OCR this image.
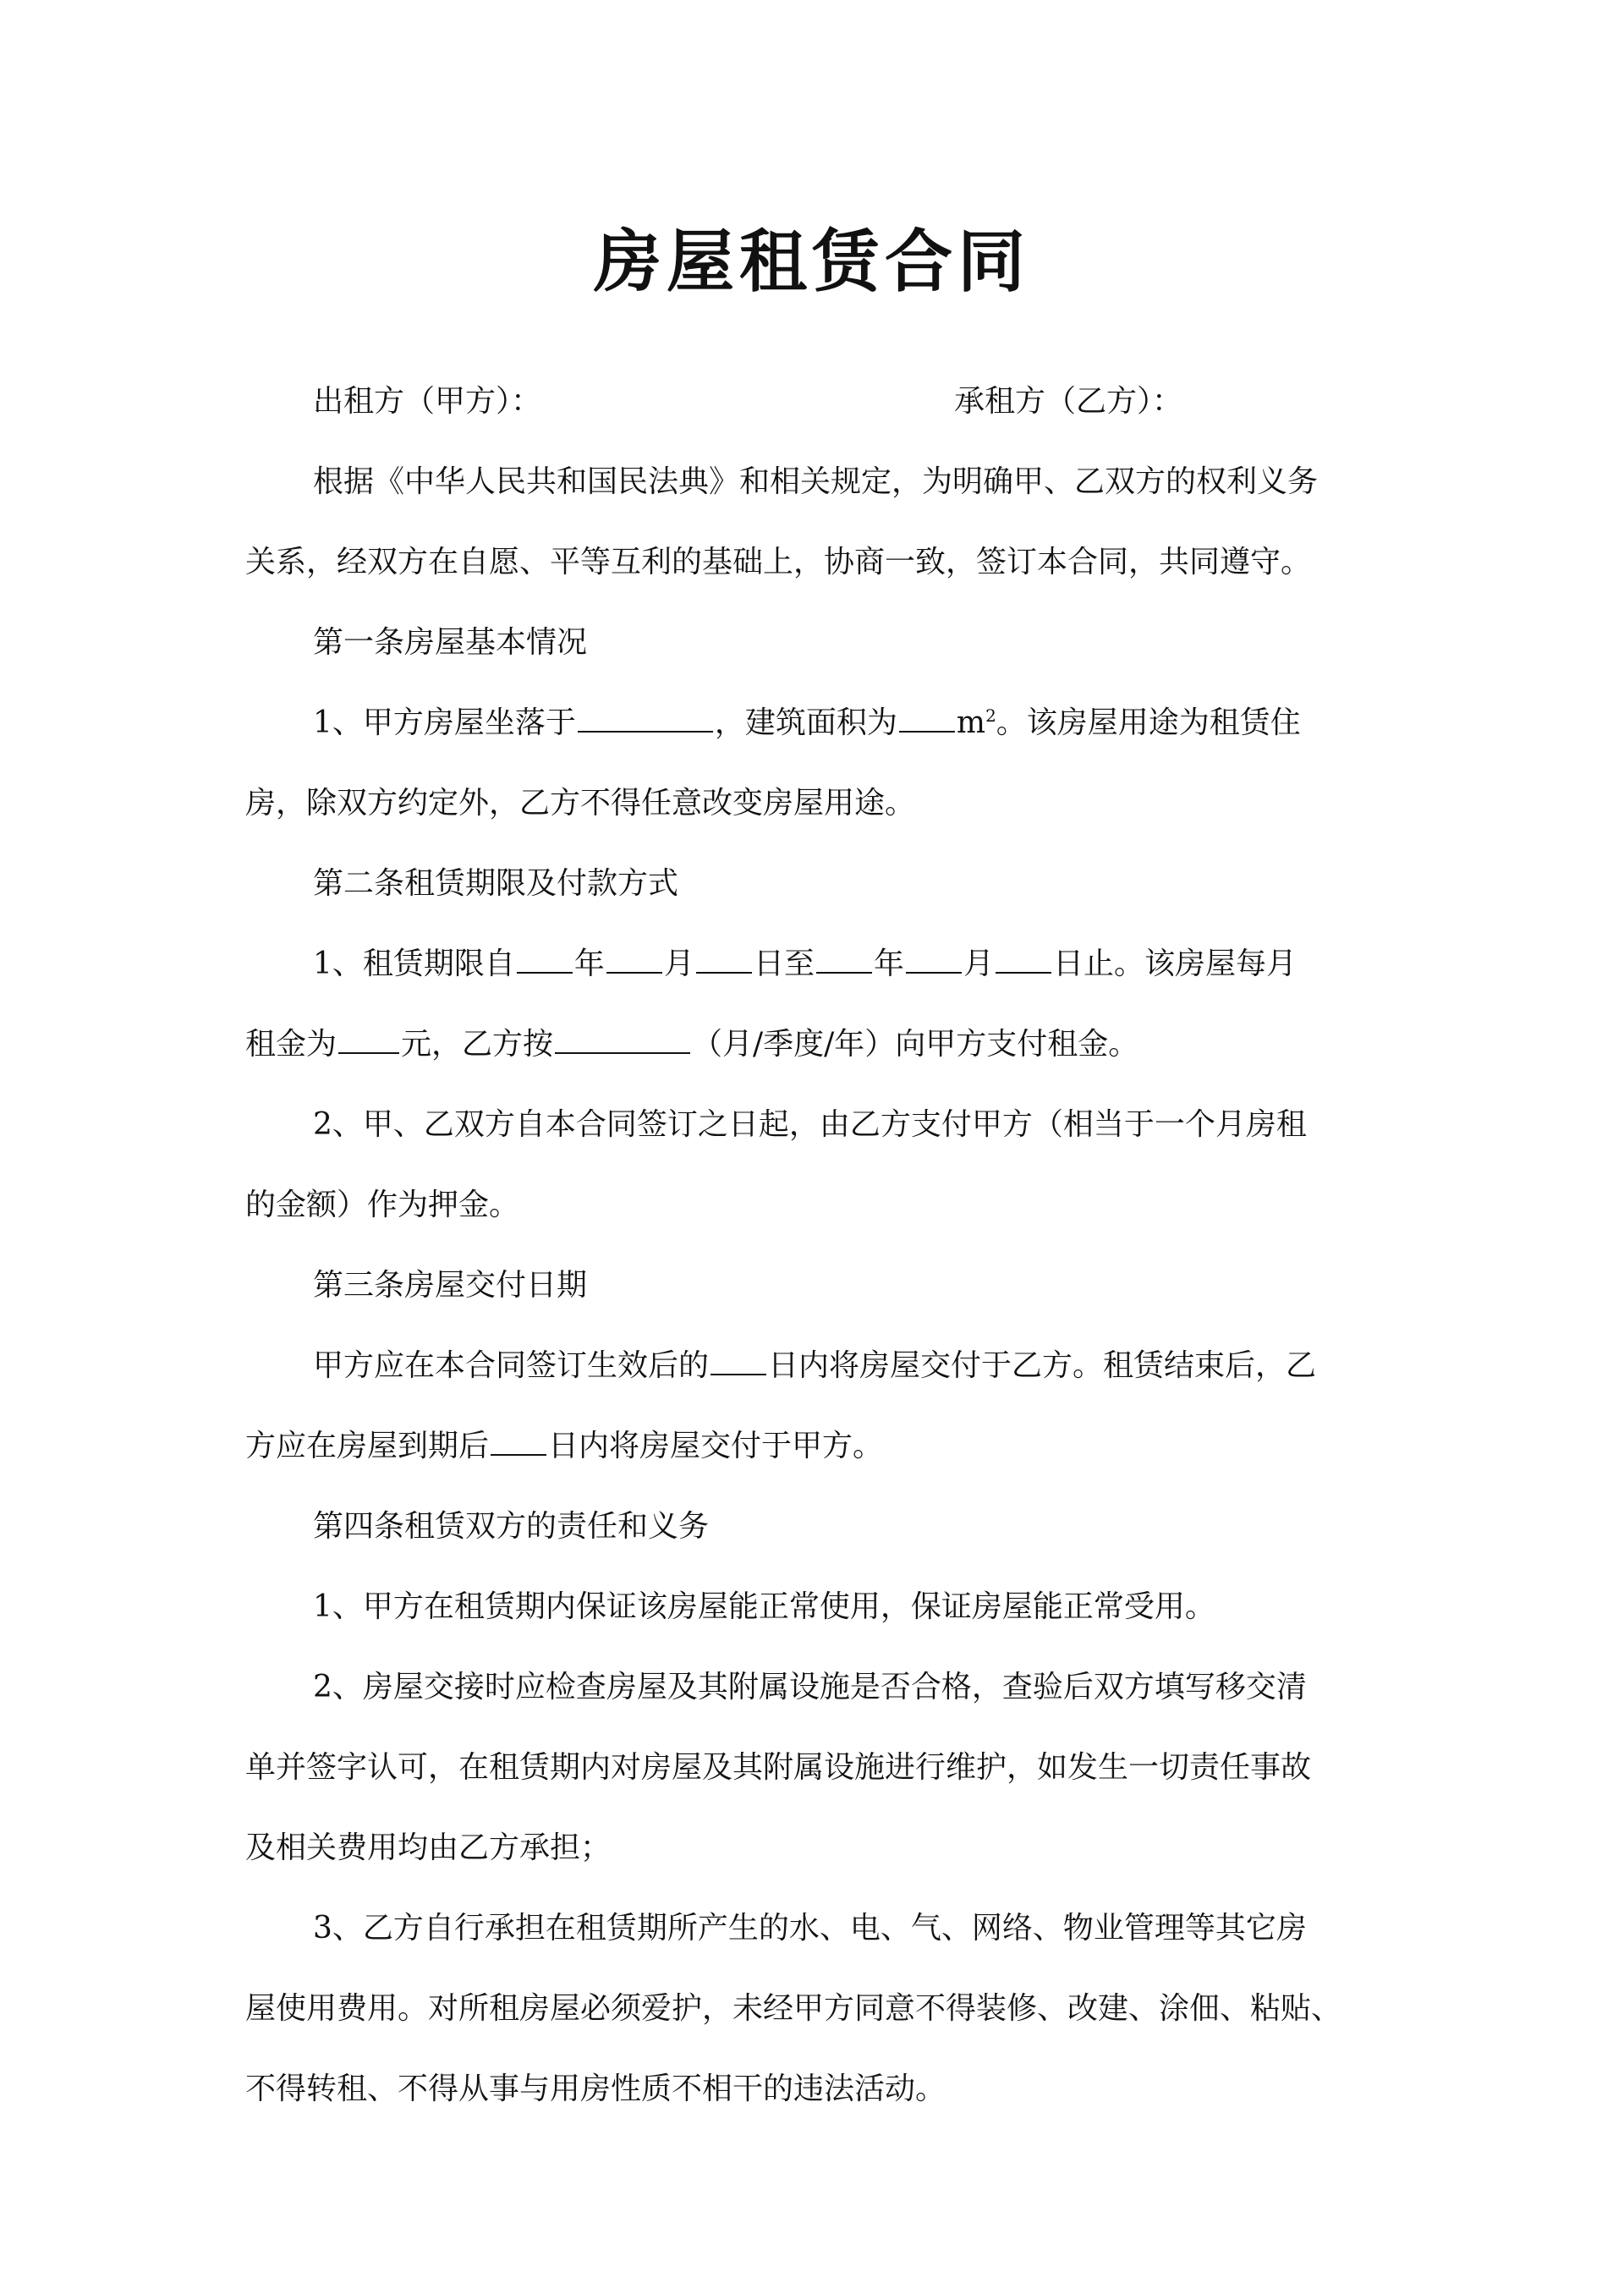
房屋租赁合同
出租方（甲方）：	承租方（乙方）：
根据《中华人民共和国民法典》和相关规定，为明确甲、乙双方的权利义务
关系，经双方在自愿、平等互利的基础上，协商一致，签订本合同，共同遵守。
第一条房屋基本情况
1、甲方房屋坐落于	，建筑面积为 $m^2$。该房屋用途为租赁住
房，除双方约定外，乙方不得任意改变房屋用途。
第二条租赁期限及付款方式
1、租赁期限自 年 月 日至 年 月 日止。该房屋每月
租金为 元，乙方按	（月/季度/年）向甲方支付租金。
2、甲、乙双方自本合同签订之日起，由乙方支付甲方（相当于一个月房租
的金额）作为押金。
第三条房屋交付日期
甲方应在本合同签订生效后的 日内将房屋交付于乙方。租赁结束后，乙
方应在房屋到期后 日内将房屋交付于甲方。
第四条租赁双方的责任和义务
1、甲方在租赁期内保证该房屋能正常使用，保证房屋能正常受用。
2、房屋交接时应检查房屋及其附属设施是否合格，查验后双方填写移交清
单并签字认可，在租赁期内对房屋及其附属设施进行维护，如发生一切责任事故
及相关费用均由乙方承担；
3、乙方自行承担在租赁期所产生的水、电、气、网络、物业管理等其它房
屋使用费用。对所租房屋必须爱护，未经甲方同意不得装修、改建、涂佃、粘贴、
不得转租、不得从事与用房性质不相干的违法活动。
